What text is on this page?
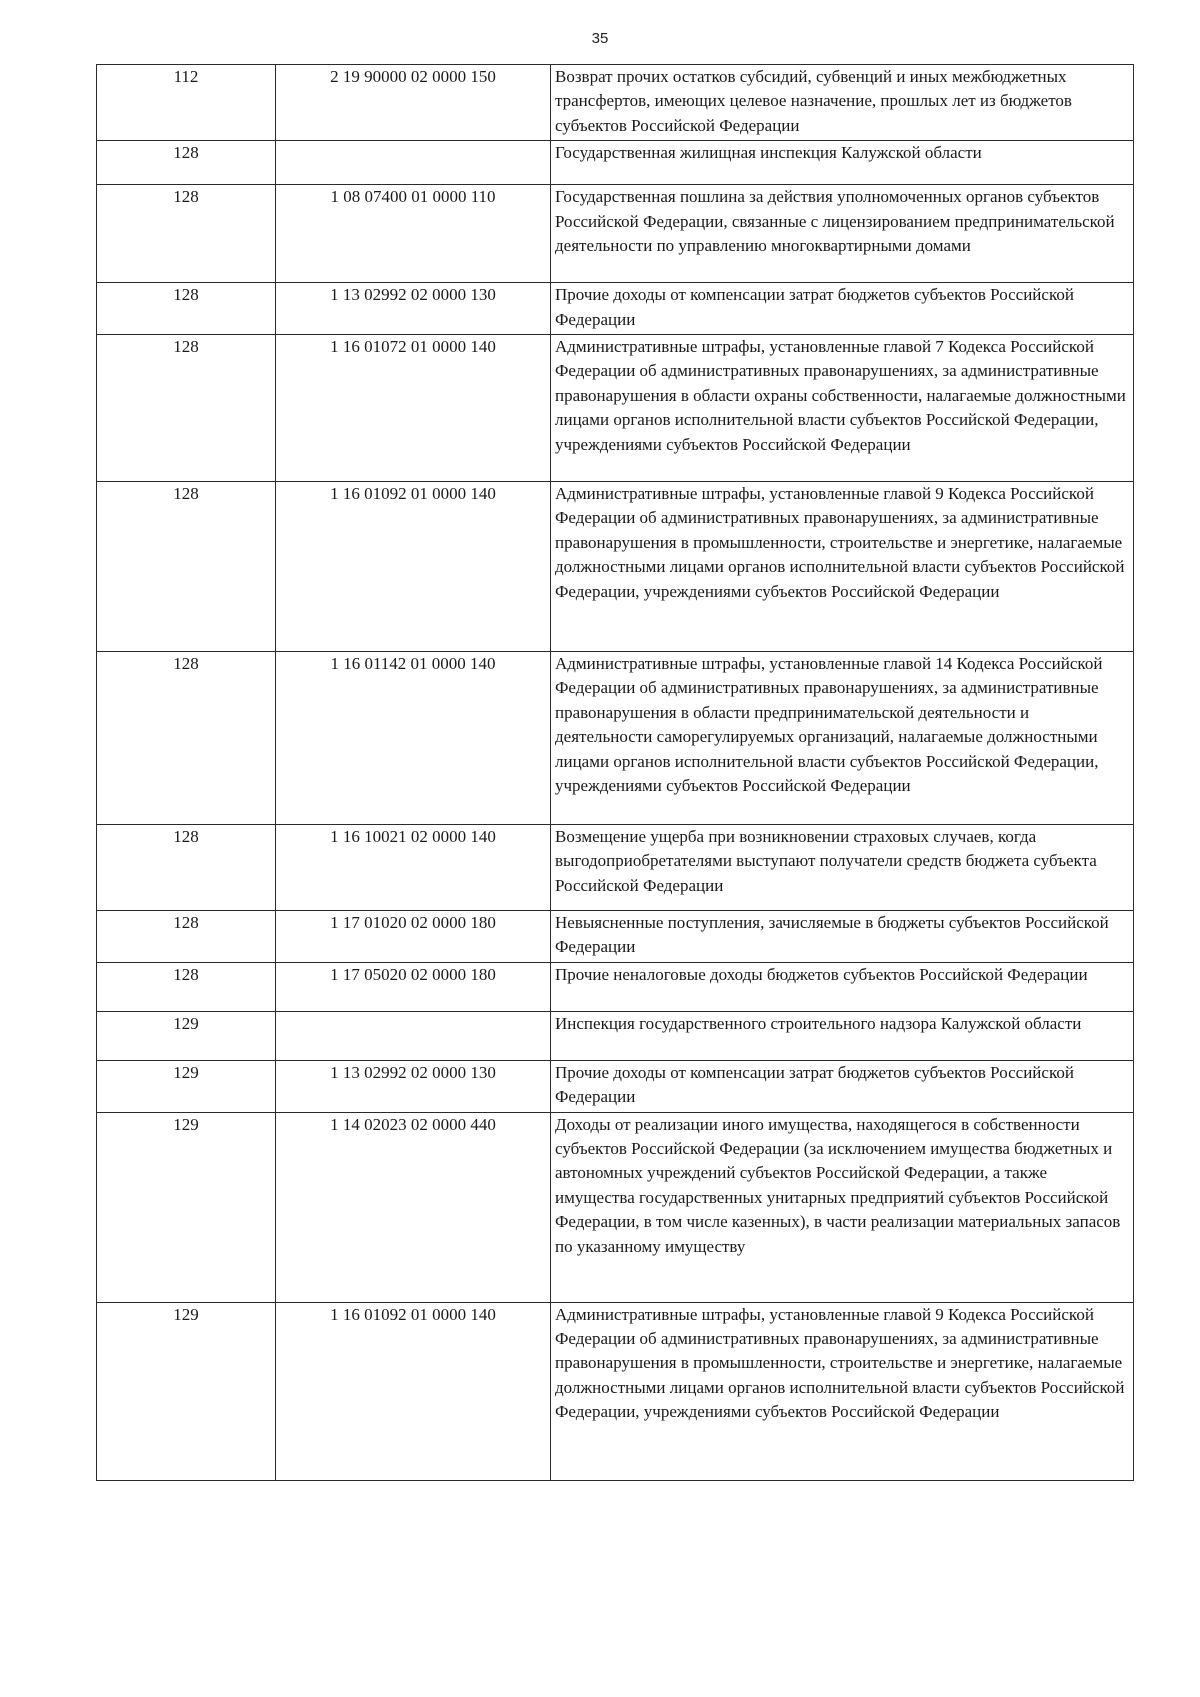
35
112	2 19 90000 02 0000 150	Возврат прочих остатков субсидий, субвенций и иных межбюджетных трансфертов, имеющих целевое назначение, прошлых лет из бюджетов субъектов Российской Федерации
128		Государственная жилищная инспекция Калужской области
128	1 08 07400 01 0000 110	Государственная пошлина за действия уполномоченных органов субъектов Российской Федерации, связанные с лицензированием предпринимательской деятельности по управлению многоквартирными домами
128	1 13 02992 02 0000 130	Прочие доходы от компенсации затрат бюджетов субъектов Российской Федерации
128	1 16 01072 01 0000 140	Административные штрафы, установленные главой 7 Кодекса Российской Федерации об административных правонарушениях, за административные правонарушения в области охраны собственности, налагаемые должностными лицами органов исполнительной власти субъектов Российской Федерации, учреждениями субъектов Российской Федерации
128	1 16 01092 01 0000 140	Административные штрафы, установленные главой 9 Кодекса Российской Федерации об административных правонарушениях, за административные правонарушения в промышленности, строительстве и энергетике, налагаемые должностными лицами органов исполнительной власти субъектов Российской Федерации, учреждениями субъектов Российской Федерации
128	1 16 01142 01 0000 140	Административные штрафы, установленные главой 14 Кодекса Российской Федерации об административных правонарушениях, за административные правонарушения в области предпринимательской деятельности и деятельности саморегулируемых организаций, налагаемые должностными лицами органов исполнительной власти субъектов Российской Федерации, учреждениями субъектов Российской Федерации
128	1 16 10021 02 0000 140	Возмещение ущерба при возникновении страховых случаев, когда выгодоприобретателями выступают получатели средств бюджета субъекта Российской Федерации
128	1 17 01020 02 0000 180	Невыясненные поступления, зачисляемые в бюджеты субъектов Российской Федерации
128	1 17 05020 02 0000 180	Прочие неналоговые доходы бюджетов субъектов Российской Федерации
129		Инспекция государственного строительного надзора Калужской области
129	1 13 02992 02 0000 130	Прочие доходы от компенсации затрат бюджетов субъектов Российской Федерации
129	1 14 02023 02 0000 440	Доходы от реализации иного имущества, находящегося в собственности субъектов Российской Федерации (за исключением имущества бюджетных и автономных учреждений субъектов Российской Федерации, а также имущества государственных унитарных предприятий субъектов Российской Федерации, в том числе казенных), в части реализации материальных запасов по указанному имуществу
129	1 16 01092 01 0000 140	Административные штрафы, установленные главой 9 Кодекса Российской Федерации об административных правонарушениях, за административные правонарушения в промышленности, строительстве и энергетике, налагаемые должностными лицами органов исполнительной власти субъектов Российской Федерации, учреждениями субъектов Российской Федерации
